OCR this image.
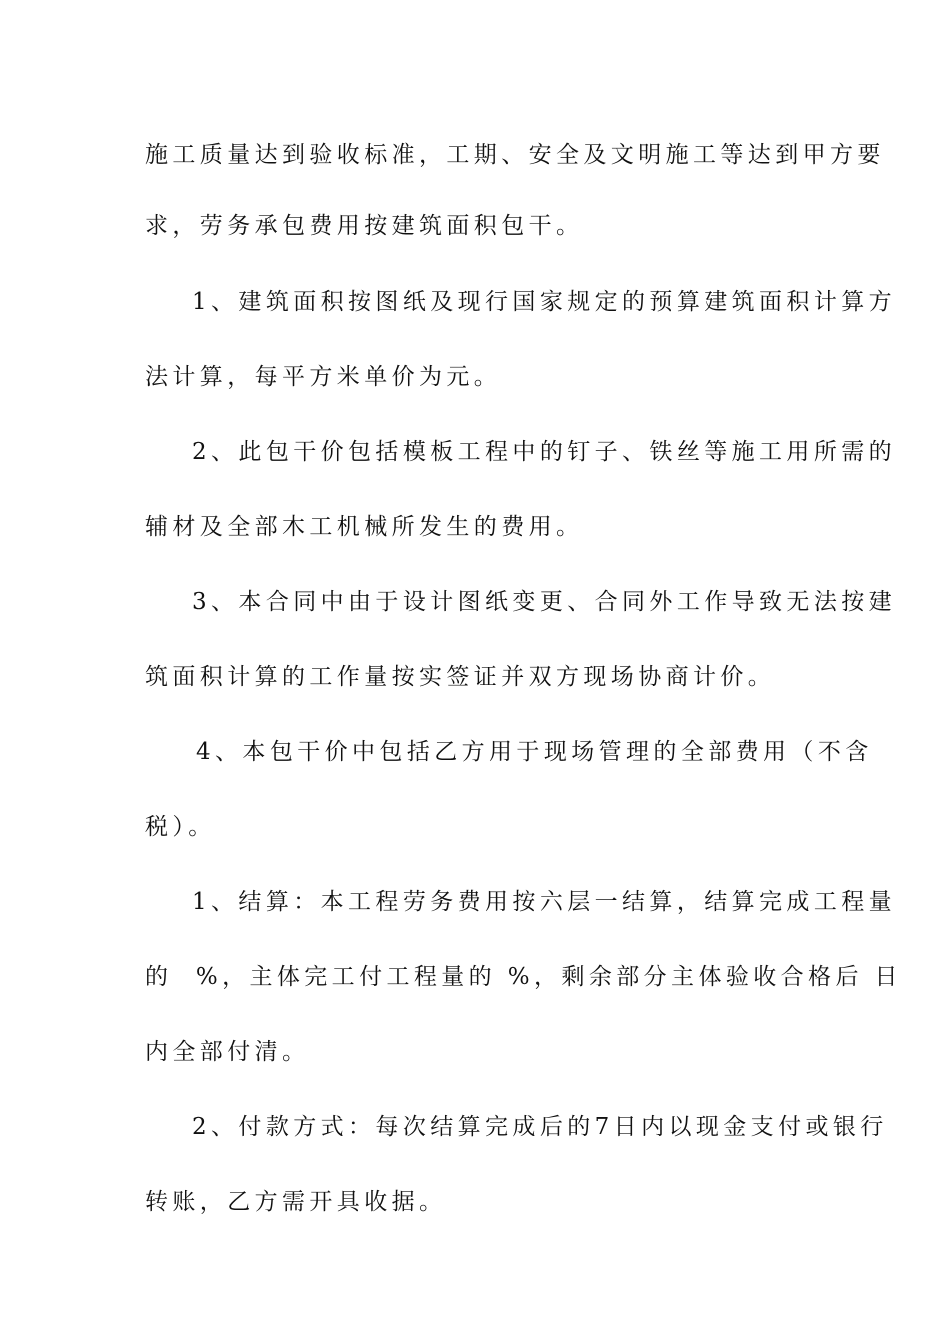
施工质量达到验收标准，工期、安全及文明施工等达到甲方要
求，劳务承包费用按建筑面积包干。
1、建筑面积按图纸及现行国家规定的预算建筑面积计算方
法计算，每平方米单价为元。
2、此包干价包括模板工程中的钉子、铁丝等施工用所需的
辅材及全部木工机械所发生的费用。
3、本合同中由于设计图纸变更、合同外工作导致无法按建
筑面积计算的工作量按实签证并双方现场协商计价。
4、本包干价中包括乙方用于现场管理的全部费用（不含
税）。
1、结算：本工程劳务费用按六层一结算，结算完成工程量
的  %，主体完工付工程量的 %，剩余部分主体验收合格后 日
内全部付清。
2、付款方式：每次结算完成后的7日内以现金支付或银行
转账，乙方需开具收据。
